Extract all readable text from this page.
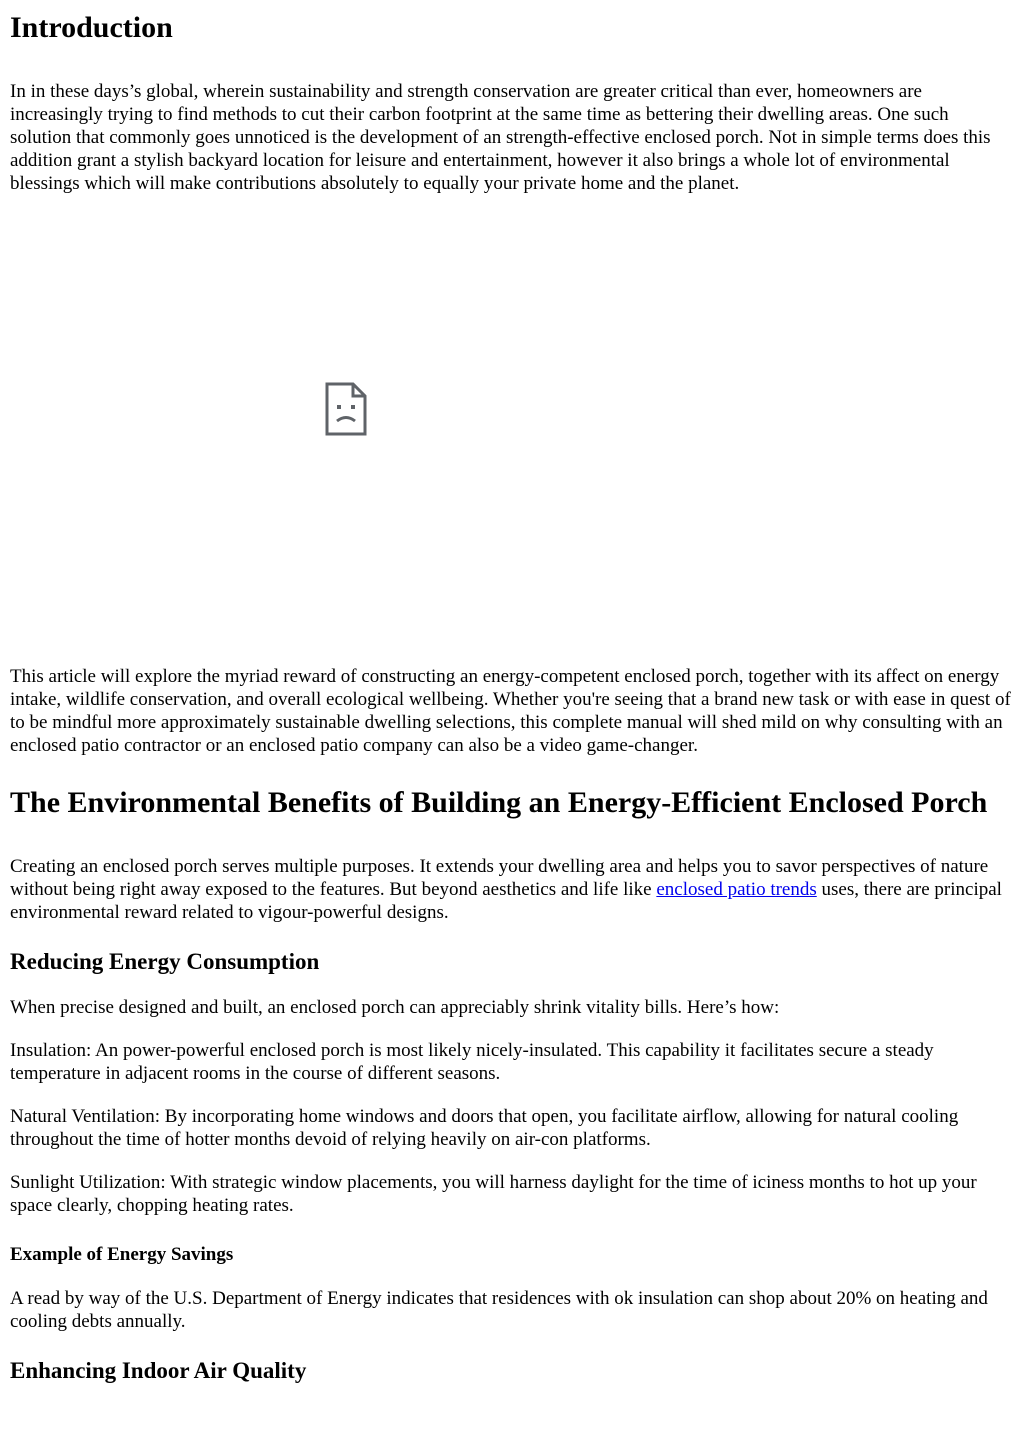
Introduction

In in these days’s global, wherein sustainability and strength conservation are greater critical than ever, homeowners are increasingly trying to find methods to cut their carbon footprint at the same time as bettering their dwelling areas. One such solution that commonly goes unnoticed is the development of an strength-effective enclosed porch. Not in simple terms does this addition grant a stylish backyard location for leisure and entertainment, however it also brings a whole lot of environmental blessings which will make contributions absolutely to equally your private home and the planet.

This article will explore the myriad reward of constructing an energy-competent enclosed porch, together with its affect on energy intake, wildlife conservation, and overall ecological wellbeing. Whether you're seeing that a brand new task or with ease in quest of to be mindful more approximately sustainable dwelling selections, this complete manual will shed mild on why consulting with an enclosed patio contractor or an enclosed patio company can also be a video game-changer.

The Environmental Benefits of Building an Energy-Efficient Enclosed Porch

Creating an enclosed porch serves multiple purposes. It extends your dwelling area and helps you to savor perspectives of nature without being right away exposed to the features. But beyond aesthetics and life like enclosed patio trends uses, there are principal environmental reward related to vigour-powerful designs.

Reducing Energy Consumption

When precise designed and built, an enclosed porch can appreciably shrink vitality bills. Here’s how:

Insulation: An power-powerful enclosed porch is most likely nicely-insulated. This capability it facilitates secure a steady temperature in adjacent rooms in the course of different seasons.

Natural Ventilation: By incorporating home windows and doors that open, you facilitate airflow, allowing for natural cooling throughout the time of hotter months devoid of relying heavily on air-con platforms.

Sunlight Utilization: With strategic window placements, you will harness daylight for the time of iciness months to hot up your space clearly, chopping heating rates.

Example of Energy Savings

A read by way of the U.S. Department of Energy indicates that residences with ok insulation can shop about 20% on heating and cooling debts annually.

Enhancing Indoor Air Quality
